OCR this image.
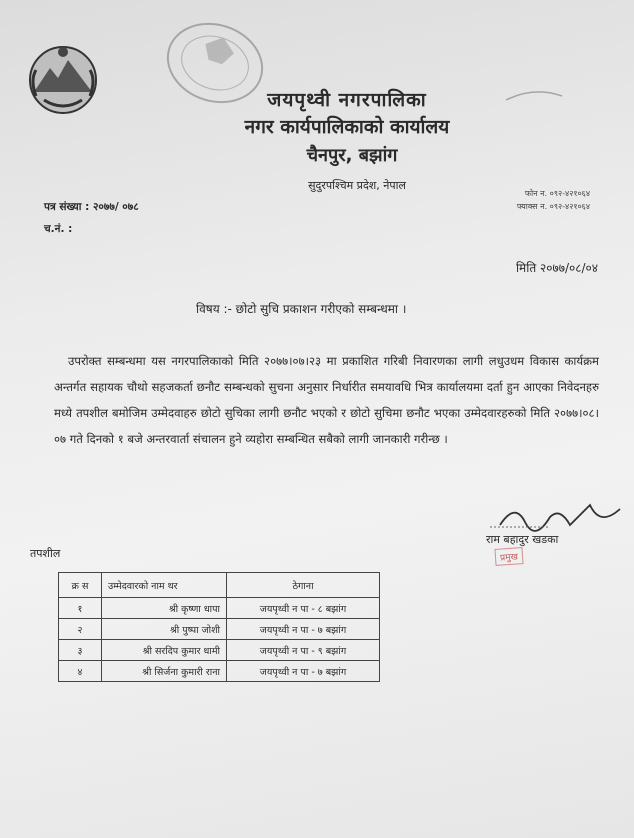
जयपृथ्वी नगरपालिका
नगर कार्यपालिकाको कार्यालय
चैनपुर, बझांग
सुदुरपश्चिम प्रदेश, नेपाल
फोन न. ०९२-४२१०६४
फ्याक्स न. ०९२-४२१०६४
पत्र संख्या : २०७७/ ०७८
च.नं. :
मिति २०७७/०८/०४
विषय :- छोटो सुचि प्रकाशन गरीएको सम्बन्धमा ।

उपरोक्त सम्बन्धमा यस नगरपालिकाको मिति २०७७।०७।२३ मा प्रकाशित गरिबी निवारणका लागी लधुउधम विकास कार्यक्रम अन्तर्गत सहायक चौथो सहजकर्ता छनौट सम्बन्धको सुचना अनुसार निर्धारीत समयावधि भित्र कार्यालयमा दर्ता हुन आएका निवेदनहरु मध्ये तपशील बमोजिम उम्मेदवाहरु छोटो सुचिका लागी छनौट भएको र छोटो सुचिमा छनौट भएका उम्मेदवारहरुको मिति २०७७।०८।०७ गते दिनको १ बजे अन्तरवार्ता संचालन हुने व्यहोरा सम्बन्धित सबैको लागी जानकारी गरीन्छ ।

राम बहादुर खडका
प्रमुख
तपशील
क्र स	उम्मेदवारको नाम थर	ठेगाना
१	श्री कृष्णा धापा	जयपृथ्वी न पा - ८ बझांग
२	श्री पुष्पा जोशी	जयपृथ्वी न पा - ७ बझांग
३	श्री सरदिप कुमार धामी	जयपृथ्वी न पा - ९ बझांग
४	श्री सिर्जना कुमारी राना	जयपृथ्वी न पा - ७ बझांग
